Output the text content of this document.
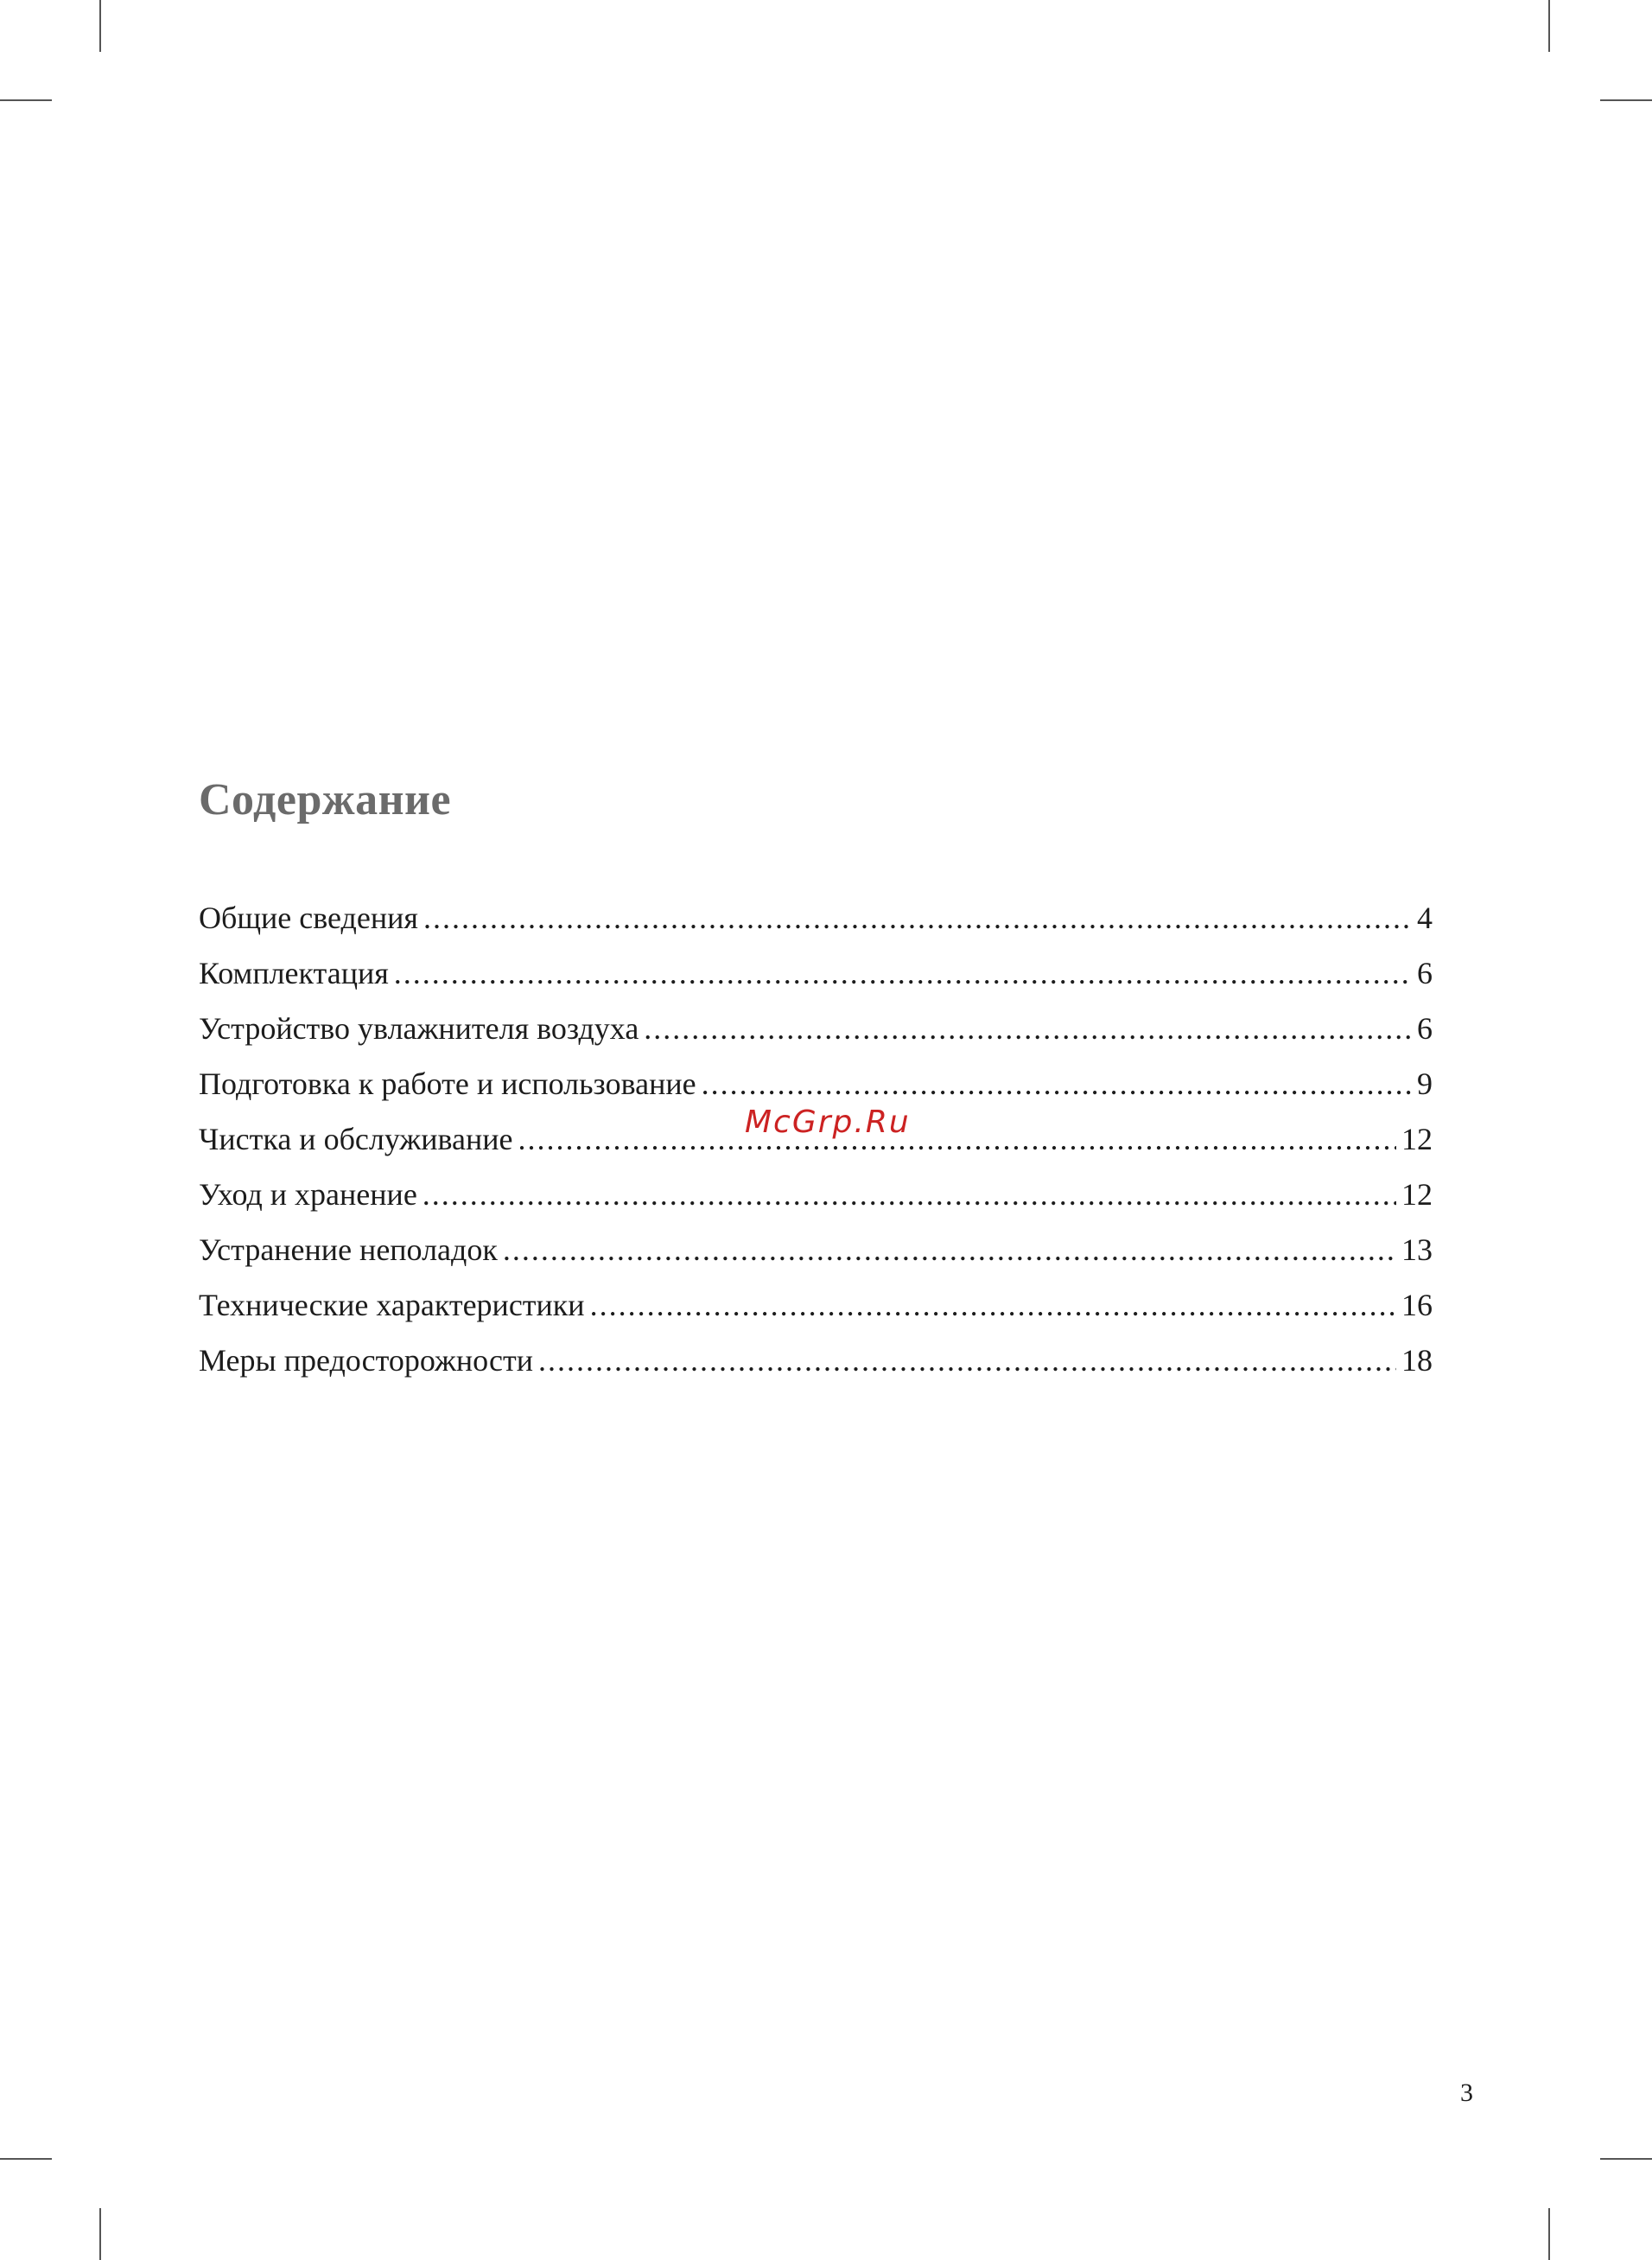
Содержание
Общие сведения .....	4
Комплектация .....	6
Устройство увлажнителя воздуха .....	6
Подготовка к работе и использование .....	9
Чистка и обслуживание .....	12
Уход и хранение .....	12
Устранение неполадок .....	13
Технические характеристики .....	16
Меры предосторожности .....	18
McGrp.Ru
3
